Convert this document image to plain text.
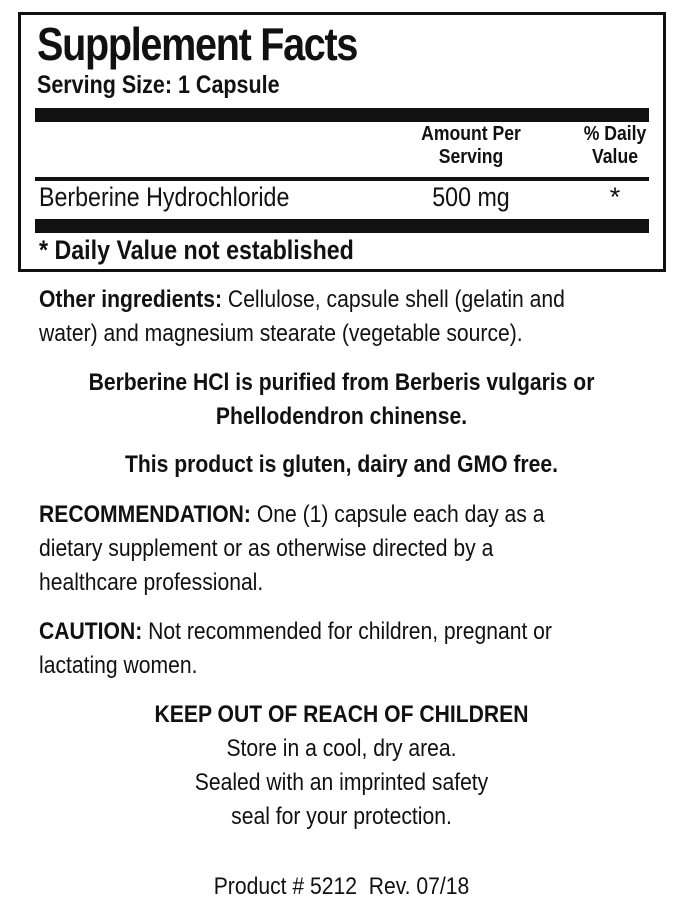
Supplement Facts
Serving Size: 1 Capsule
Amount Per
Serving
% Daily
Value
Berberine Hydrochloride	500 mg	*
* Daily Value not established
Other ingredients: Cellulose, capsule shell (gelatin and
water) and magnesium stearate (vegetable source).
Berberine HCl is purified from Berberis vulgaris or
Phellodendron chinense.
This product is gluten, dairy and GMO free.
RECOMMENDATION: One (1) capsule each day as a
dietary supplement or as otherwise directed by a
healthcare professional.
CAUTION: Not recommended for children, pregnant or
lactating women.
KEEP OUT OF REACH OF CHILDREN
Store in a cool, dry area.
Sealed with an imprinted safety
seal for your protection.
Product # 5212  Rev. 07/18
